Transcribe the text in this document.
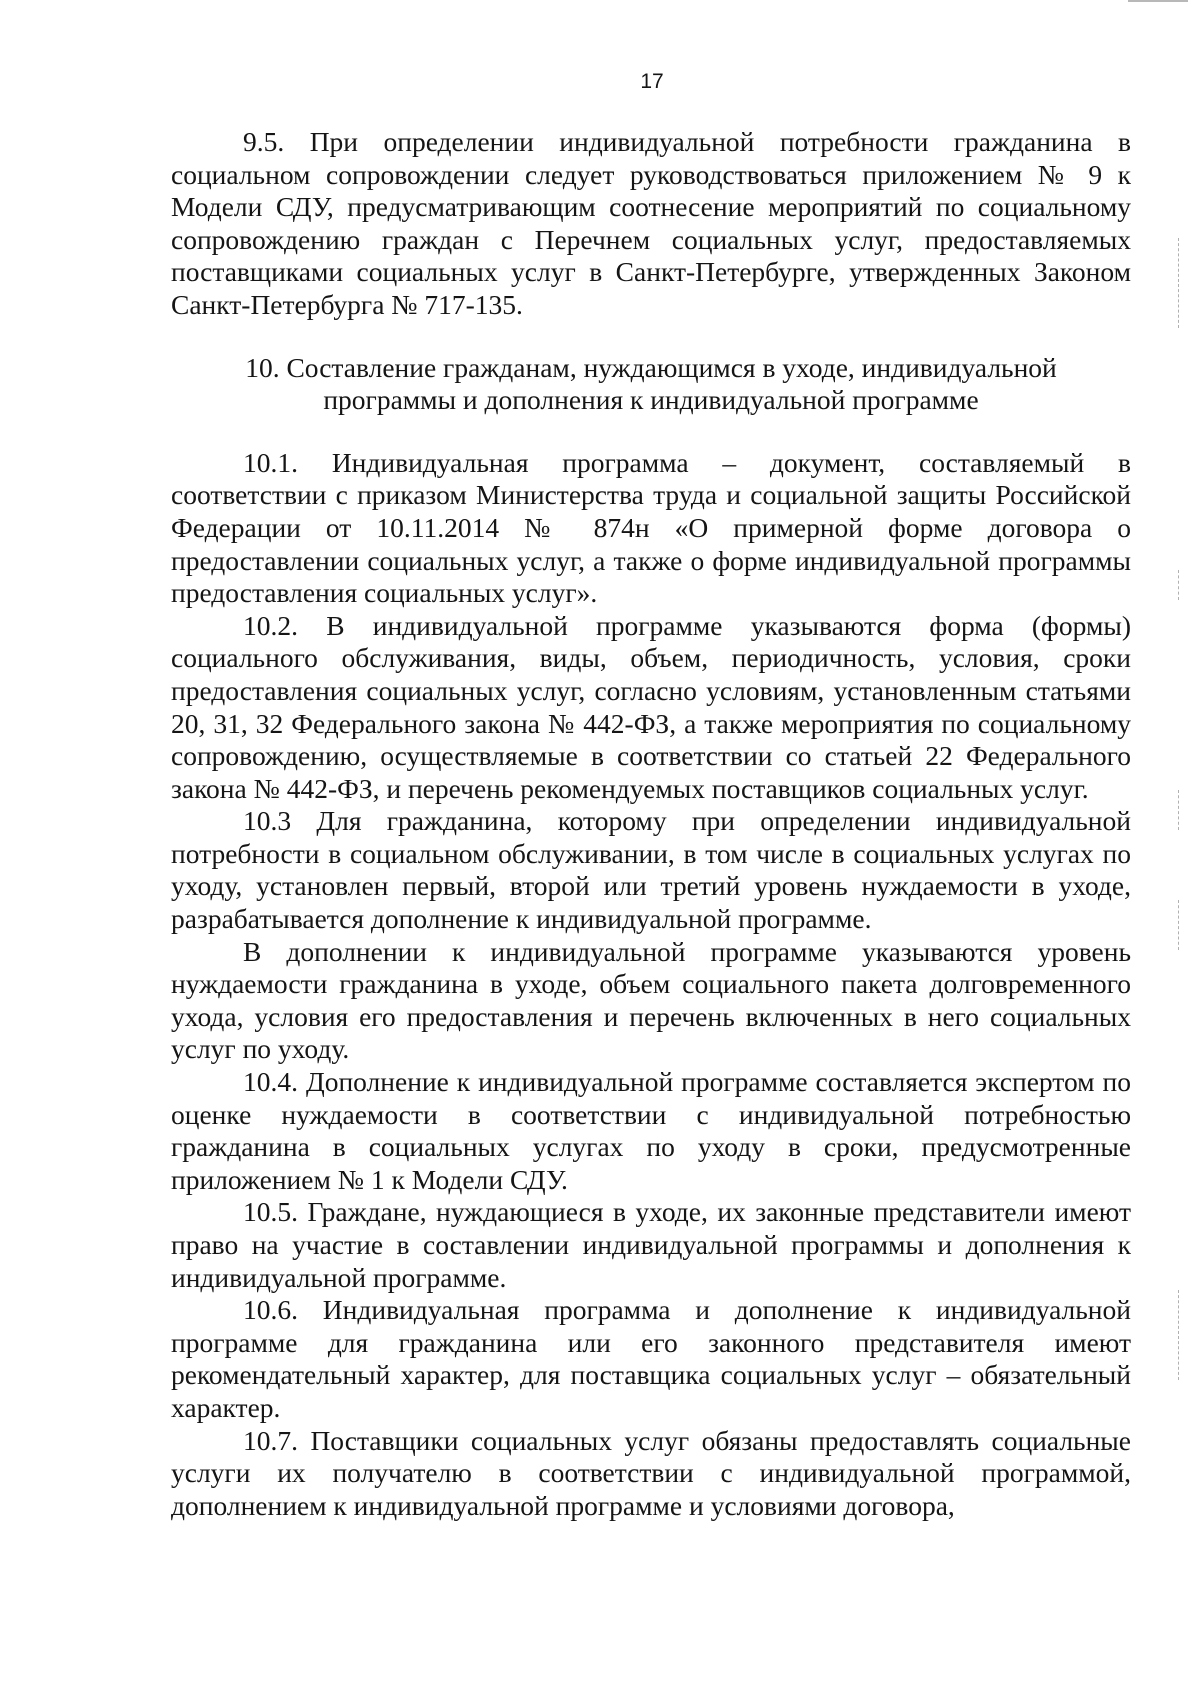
17

9.5. При определении индивидуальной потребности гражданина в социальном сопровождении следует руководствоваться приложением № 9 к Модели СДУ, предусматривающим соотнесение мероприятий по социальному сопровождению граждан с Перечнем социальных услуг, предоставляемых поставщиками социальных услуг в Санкт-Петербурге, утвержденных Законом Санкт-Петербурга № 717-135.

10. Составление гражданам, нуждающимся в уходе, индивидуальной
программы и дополнения к индивидуальной программе

10.1. Индивидуальная программа – документ, составляемый в соответствии с приказом Министерства труда и социальной защиты Российской Федерации от 10.11.2014 № 874н «О примерной форме договора о предоставлении социальных услуг, а также о форме индивидуальной программы предоставления социальных услуг».

10.2. В индивидуальной программе указываются форма (формы) социального обслуживания, виды, объем, периодичность, условия, сроки предоставления социальных услуг, согласно условиям, установленным статьями 20, 31, 32 Федерального закона № 442-ФЗ, а также мероприятия по социальному сопровождению, осуществляемые в соответствии со статьей 22 Федерального закона № 442-ФЗ, и перечень рекомендуемых поставщиков социальных услуг.

10.3 Для гражданина, которому при определении индивидуальной потребности в социальном обслуживании, в том числе в социальных услугах по уходу, установлен первый, второй или третий уровень нуждаемости в уходе, разрабатывается дополнение к индивидуальной программе.

В дополнении к индивидуальной программе указываются уровень нуждаемости гражданина в уходе, объем социального пакета долговременного ухода, условия его предоставления и перечень включенных в него социальных услуг по уходу.

10.4. Дополнение к индивидуальной программе составляется экспертом по оценке нуждаемости в соответствии с индивидуальной потребностью гражданина в социальных услугах по уходу в сроки, предусмотренные приложением № 1 к Модели СДУ.

10.5. Граждане, нуждающиеся в уходе, их законные представители имеют право на участие в составлении индивидуальной программы и дополнения к индивидуальной программе.

10.6. Индивидуальная программа и дополнение к индивидуальной программе для гражданина или его законного представителя имеют рекомендательный характер, для поставщика социальных услуг – обязательный характер.

10.7. Поставщики социальных услуг обязаны предоставлять социальные услуги их получателю в соответствии с индивидуальной программой, дополнением к индивидуальной программе и условиями договора,
